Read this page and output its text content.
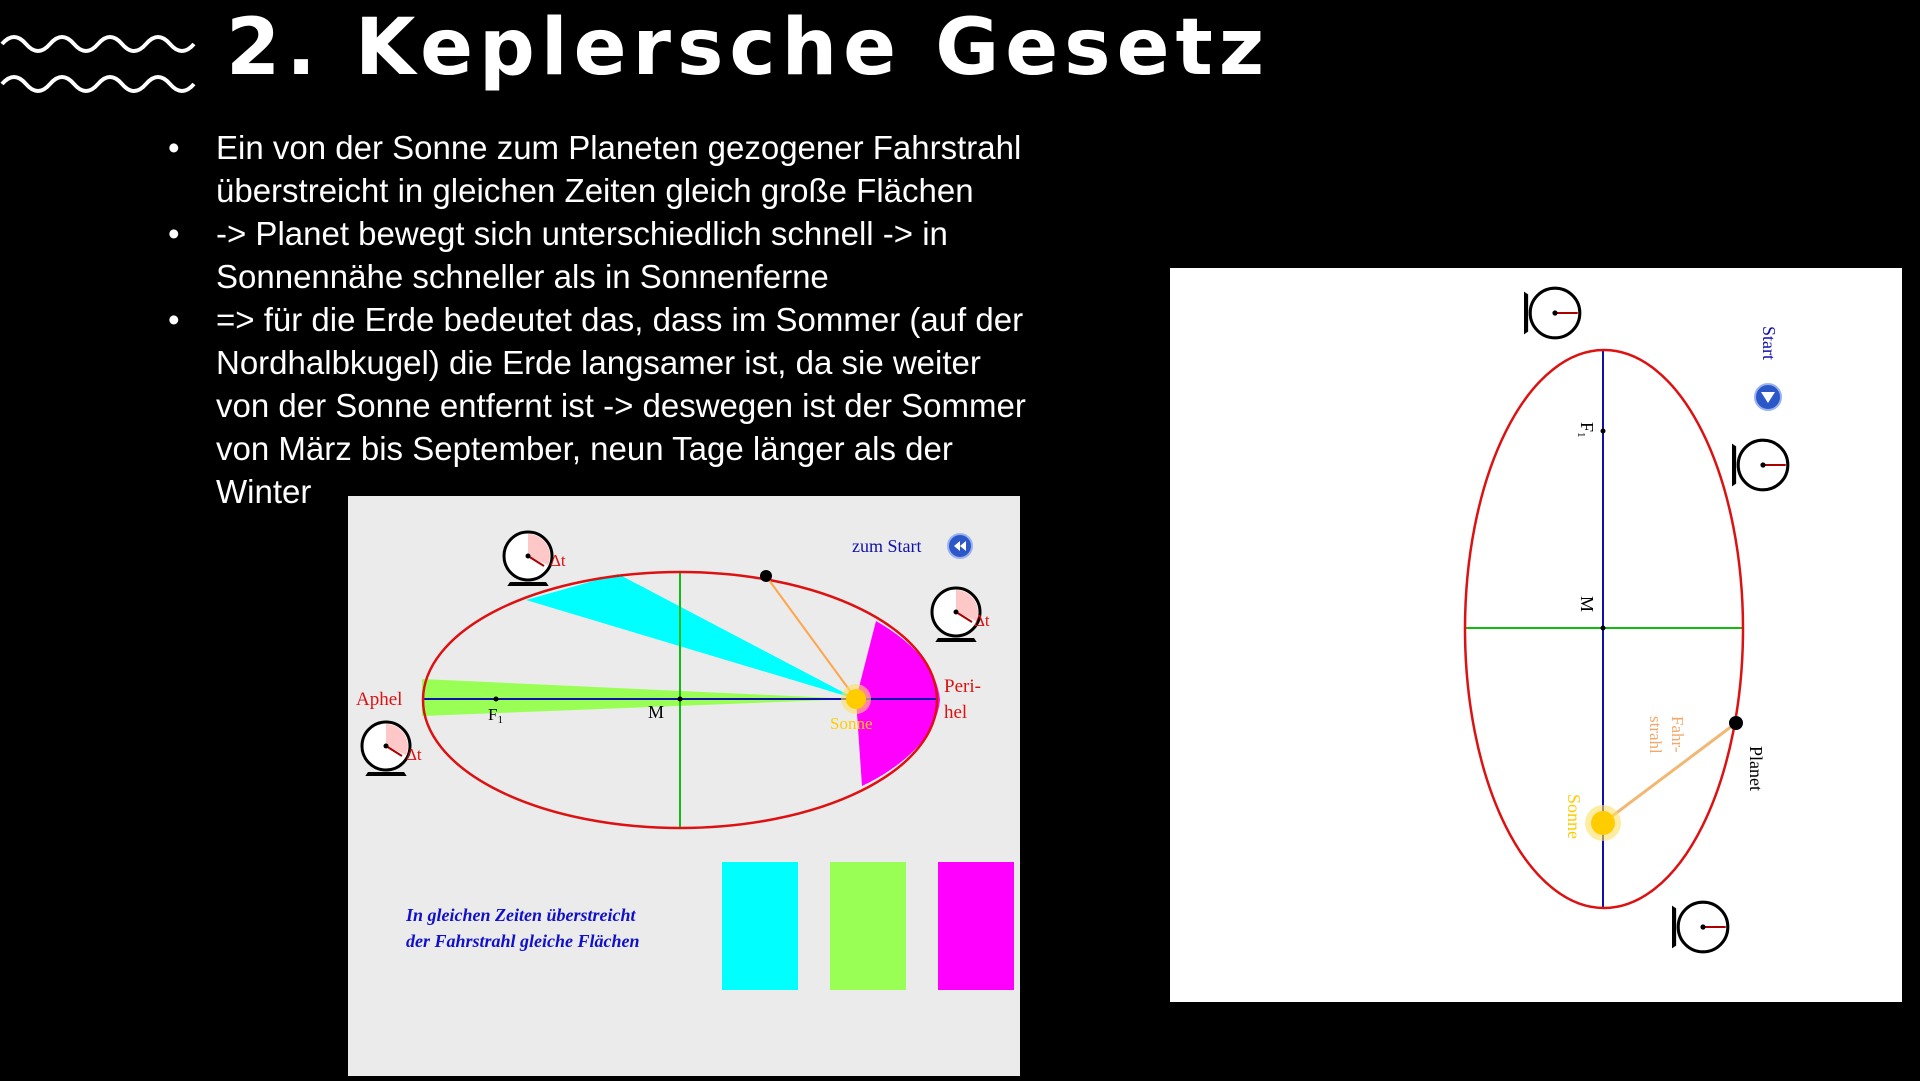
2. Keplersche Gesetz
• Ein von der Sonne zum Planeten gezogener Fahrstrahl
überstreicht in gleichen Zeiten gleich große Flächen
• -> Planet bewegt sich unterschiedlich schnell -> in
Sonnennähe schneller als in Sonnenferne
• => für die Erde bedeutet das, dass im Sommer (auf der
Nordhalbkugel) die Erde langsamer ist, da sie weiter
von der Sonne entfernt ist -> deswegen ist der Sommer
von März bis September, neun Tage länger als der
Winter
Δt
Δt
Δt
Aphel
Peri-
hel
F1	M
Sonne
zum Start
In gleichen Zeiten überstreicht
der Fahrstrahl gleiche Flächen
Start
F1
M
Sonne
Fahr-
strahl
Planet
